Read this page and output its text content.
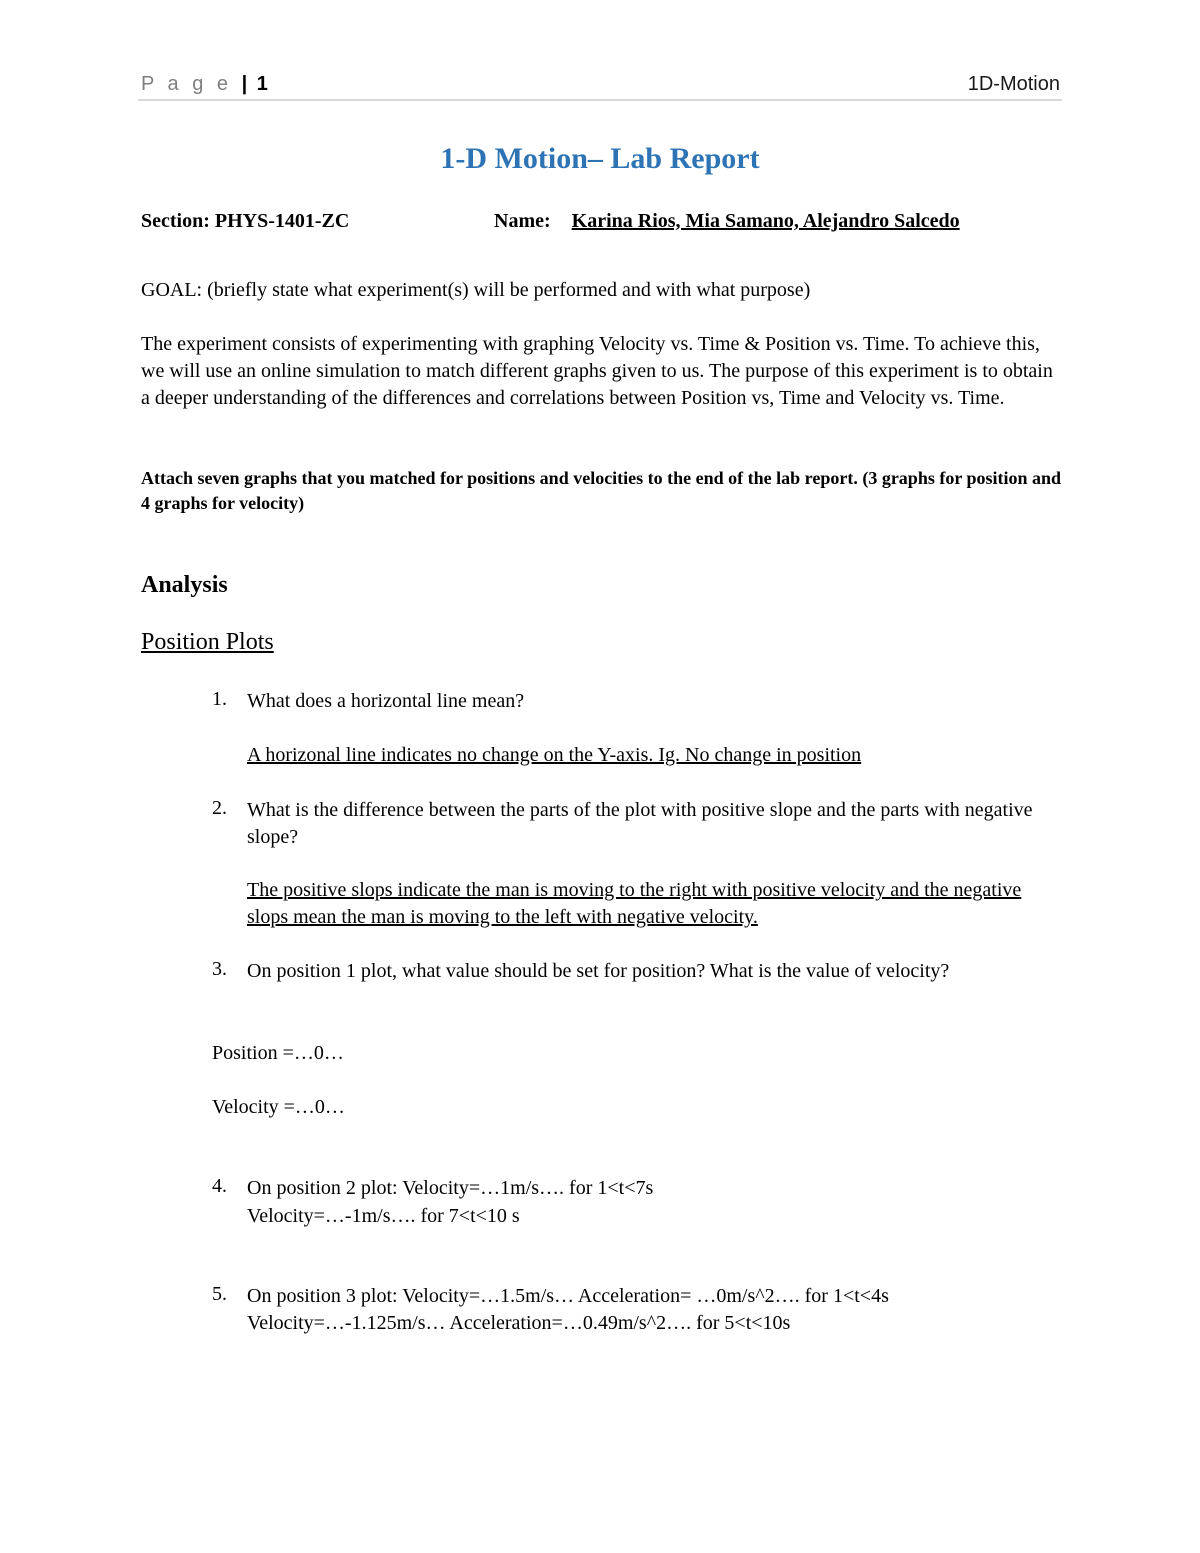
P a g e | 1	1D-Motion
1-D Motion– Lab Report
Section: PHYS-1401-ZC	Name: Karina Rios, Mia Samano, Alejandro Salcedo
GOAL: (briefly state what experiment(s) will be performed and with what purpose)
The experiment consists of experimenting with graphing Velocity vs. Time & Position vs. Time. To achieve this, we will use an online simulation to match different graphs given to us. The purpose of this experiment is to obtain a deeper understanding of the differences and correlations between Position vs, Time and Velocity vs. Time.
Attach seven graphs that you matched for positions and velocities to the end of the lab report. (3 graphs for position and 4 graphs for velocity)
Analysis
Position Plots
1. What does a horizontal line mean?
A horizonal line indicates no change on the Y-axis. Ig. No change in position
2. What is the difference between the parts of the plot with positive slope and the parts with negative slope?
The positive slops indicate the man is moving to the right with positive velocity and the negative slops mean the man is moving to the left with negative velocity.
3. On position 1 plot, what value should be set for position? What is the value of velocity?
Position =…0…
Velocity =…0…
4. On position 2 plot: Velocity=…1m/s…. for 1<t<7s
Velocity=…-1m/s…. for 7<t<10 s
5. On position 3 plot: Velocity=…1.5m/s… Acceleration= …0m/s^2…. for 1<t<4s
Velocity=…-1.125m/s… Acceleration=…0.49m/s^2…. for 5<t<10s
